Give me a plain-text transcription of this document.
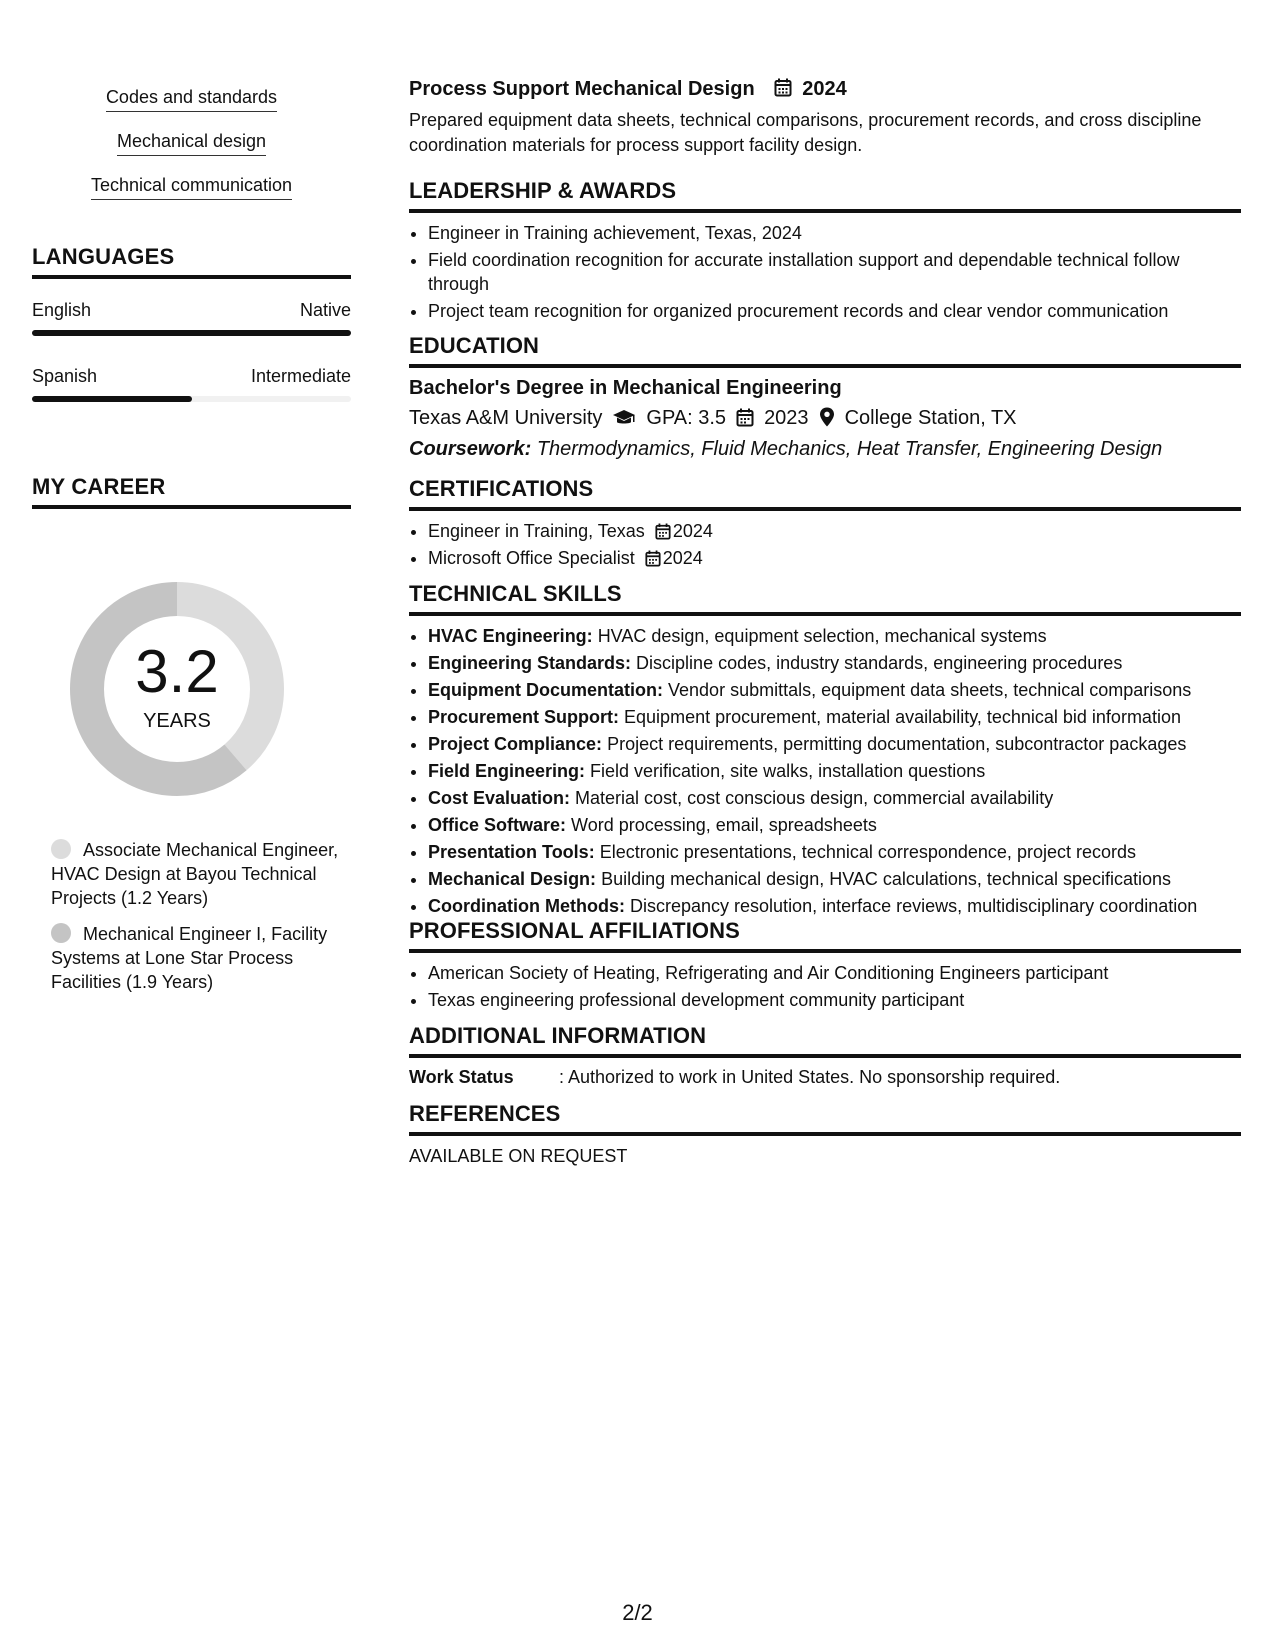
Codes and standards
Mechanical design
Technical communication
LANGUAGES
English	Native
Spanish	Intermediate
MY CAREER
3.2
YEARS
Associate Mechanical Engineer, HVAC Design at Bayou Technical Projects (1.2 Years)
Mechanical Engineer I, Facility Systems at Lone Star Process Facilities (1.9 Years)
Process Support Mechanical Design 2024
Prepared equipment data sheets, technical comparisons, procurement records, and cross discipline coordination materials for process support facility design.
LEADERSHIP & AWARDS
• Engineer in Training achievement, Texas, 2024
• Field coordination recognition for accurate installation support and dependable technical follow through
• Project team recognition for organized procurement records and clear vendor communication
EDUCATION
Bachelor's Degree in Mechanical Engineering
Texas A&M University GPA: 3.5 2023 College Station, TX
Coursework: Thermodynamics, Fluid Mechanics, Heat Transfer, Engineering Design
CERTIFICATIONS
• Engineer in Training, Texas 2024
• Microsoft Office Specialist 2024
TECHNICAL SKILLS
• HVAC Engineering: HVAC design, equipment selection, mechanical systems
• Engineering Standards: Discipline codes, industry standards, engineering procedures
• Equipment Documentation: Vendor submittals, equipment data sheets, technical comparisons
• Procurement Support: Equipment procurement, material availability, technical bid information
• Project Compliance: Project requirements, permitting documentation, subcontractor packages
• Field Engineering: Field verification, site walks, installation questions
• Cost Evaluation: Material cost, cost conscious design, commercial availability
• Office Software: Word processing, email, spreadsheets
• Presentation Tools: Electronic presentations, technical correspondence, project records
• Mechanical Design: Building mechanical design, HVAC calculations, technical specifications
• Coordination Methods: Discrepancy resolution, interface reviews, multidisciplinary coordination
PROFESSIONAL AFFILIATIONS
• American Society of Heating, Refrigerating and Air Conditioning Engineers participant
• Texas engineering professional development community participant
ADDITIONAL INFORMATION
Work Status	: Authorized to work in United States. No sponsorship required.
REFERENCES
AVAILABLE ON REQUEST
2/2
